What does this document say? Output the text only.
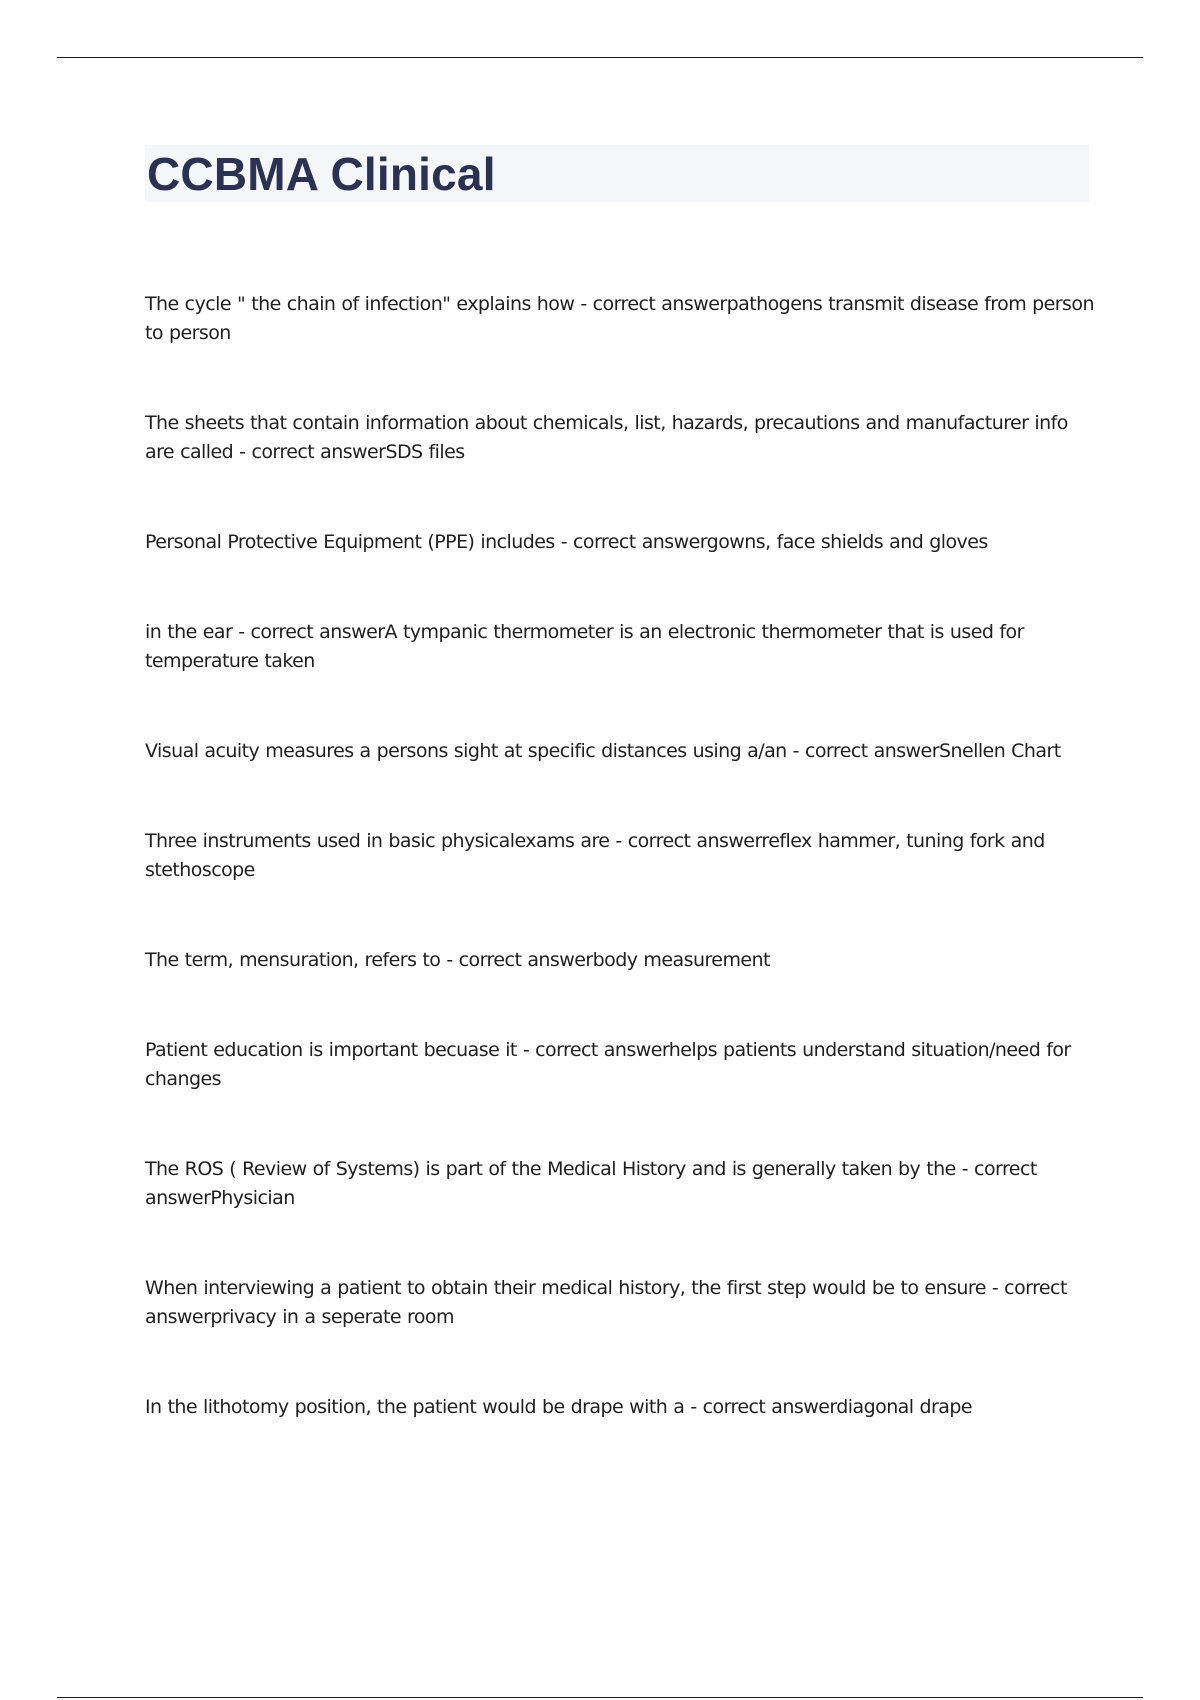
CCBMA Clinical

The cycle " the chain of infection" explains how - correct answerpathogens transmit disease from person to person

The sheets that contain information about chemicals, list, hazards, precautions and manufacturer info are called - correct answerSDS files

Personal Protective Equipment (PPE) includes - correct answergowns, face shields and gloves

in the ear - correct answerA tympanic thermometer is an electronic thermometer that is used for temperature taken

Visual acuity measures a persons sight at specific distances using a/an - correct answerSnellen Chart

Three instruments used in basic physicalexams are - correct answerreflex hammer, tuning fork and stethoscope

The term, mensuration, refers to - correct answerbody measurement

Patient education is important becuase it - correct answerhelps patients understand situation/need for changes

The ROS ( Review of Systems) is part of the Medical History and is generally taken by the - correct answerPhysician

When interviewing a patient to obtain their medical history, the first step would be to ensure - correct answerprivacy in a seperate room

In the lithotomy position, the patient would be drape with a - correct answerdiagonal drape
